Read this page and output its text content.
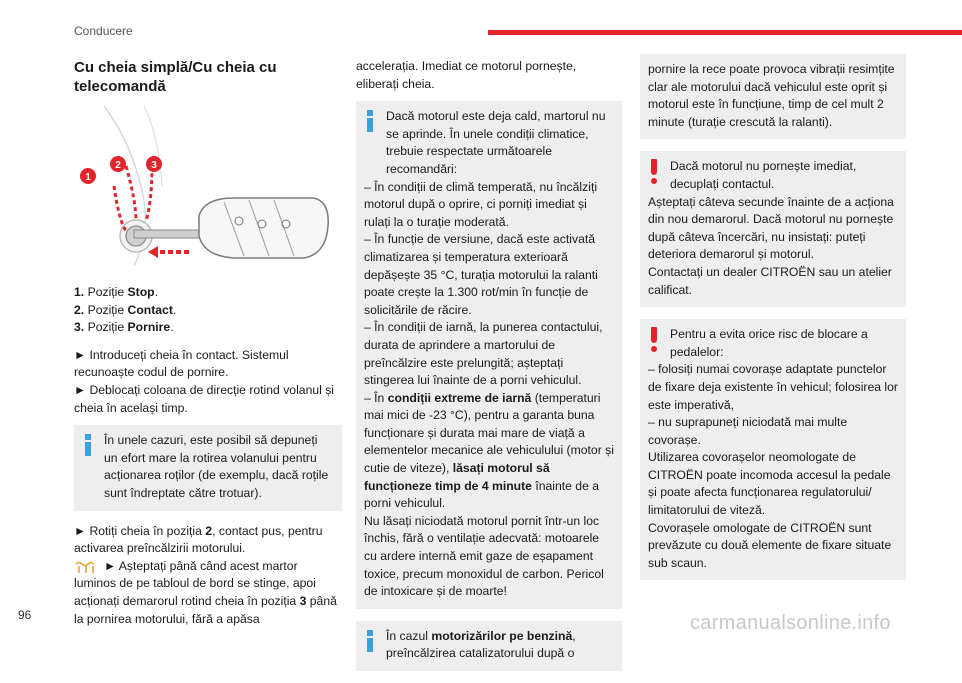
Conducere
Cu cheia simplă/Cu cheia cu telecomandă
1
2	3
1. Poziție Stop.
2. Poziție Contact.
3. Poziție Pornire.

► Introduceți cheia în contact. Sistemul recunoaște codul de pornire.

► Deblocați coloana de direcție rotind volanul și cheia în același timp.

În unele cazuri, este posibil să depuneți un efort mare la rotirea volanului pentru acționarea roților (de exemplu, dacă roțile sunt îndreptate către trotuar).

► Rotiți cheia în poziția 2, contact pus, pentru activarea preîncălzirii motorului.

► Așteptați până când acest martor luminos de pe tabloul de bord se stinge, apoi acționați demarorul rotind cheia în poziția 3 până la pornirea motorului, fără a apăsa

accelerația. Imediat ce motorul pornește, eliberați cheia.

Dacă motorul este deja cald, martorul nu se aprinde. În unele condiții climatice, trebuie respectate următoarele recomandări:

– În condiții de climă temperată, nu încălziți motorul după o oprire, ci porniți imediat și rulați la o turație moderată.

– În funcție de versiune, dacă este activată climatizarea și temperatura exterioară depășește 35 °C, turația motorului la ralanti poate crește la 1.300 rot/min în funcție de solicitările de răcire.

– În condiții de iarnă, la punerea contactului, durata de aprindere a martorului de preîncălzire este prelungită; așteptați stingerea lui înainte de a porni vehiculul.

– În condiții extreme de iarnă (temperaturi mai mici de -23 °C), pentru a garanta buna funcționare și durata mai mare de viață a elementelor mecanice ale vehiculului (motor și cutie de viteze), lăsați motorul să funcționeze timp de 4 minute înainte de a porni vehiculul.

Nu lăsați niciodată motorul pornit într-un loc închis, fără o ventilație adecvată: motoarele cu ardere internă emit gaze de eșapament toxice, precum monoxidul de carbon. Pericol de intoxicare și de moarte!

În cazul motorizărilor pe benzină, preîncălzirea catalizatorului după o

pornire la rece poate provoca vibrații resimțite clar ale motorului dacă vehiculul este oprit și motorul este în funcțiune, timp de cel mult 2 minute (turație crescută la ralanti).

Dacă motorul nu pornește imediat, decuplați contactul.

Așteptați câteva secunde înainte de a acționa din nou demarorul. Dacă motorul nu pornește după câteva încercări, nu insistați: puteți deteriora demarorul și motorul.

Contactați un dealer CITROËN sau un atelier calificat.

Pentru a evita orice risc de blocare a pedalelor:

– folosiți numai covorașe adaptate punctelor de fixare deja existente în vehicul; folosirea lor este imperativă,

– nu suprapuneți niciodată mai multe covorașe.

Utilizarea covorașelor neomologate de CITROËN poate incomoda accesul la pedale și poate afecta funcționarea regulatorului/ limitatorului de viteză.

Covorașele omologate de CITROËN sunt prevăzute cu două elemente de fixare situate sub scaun.

96	carmanualsonline.info
